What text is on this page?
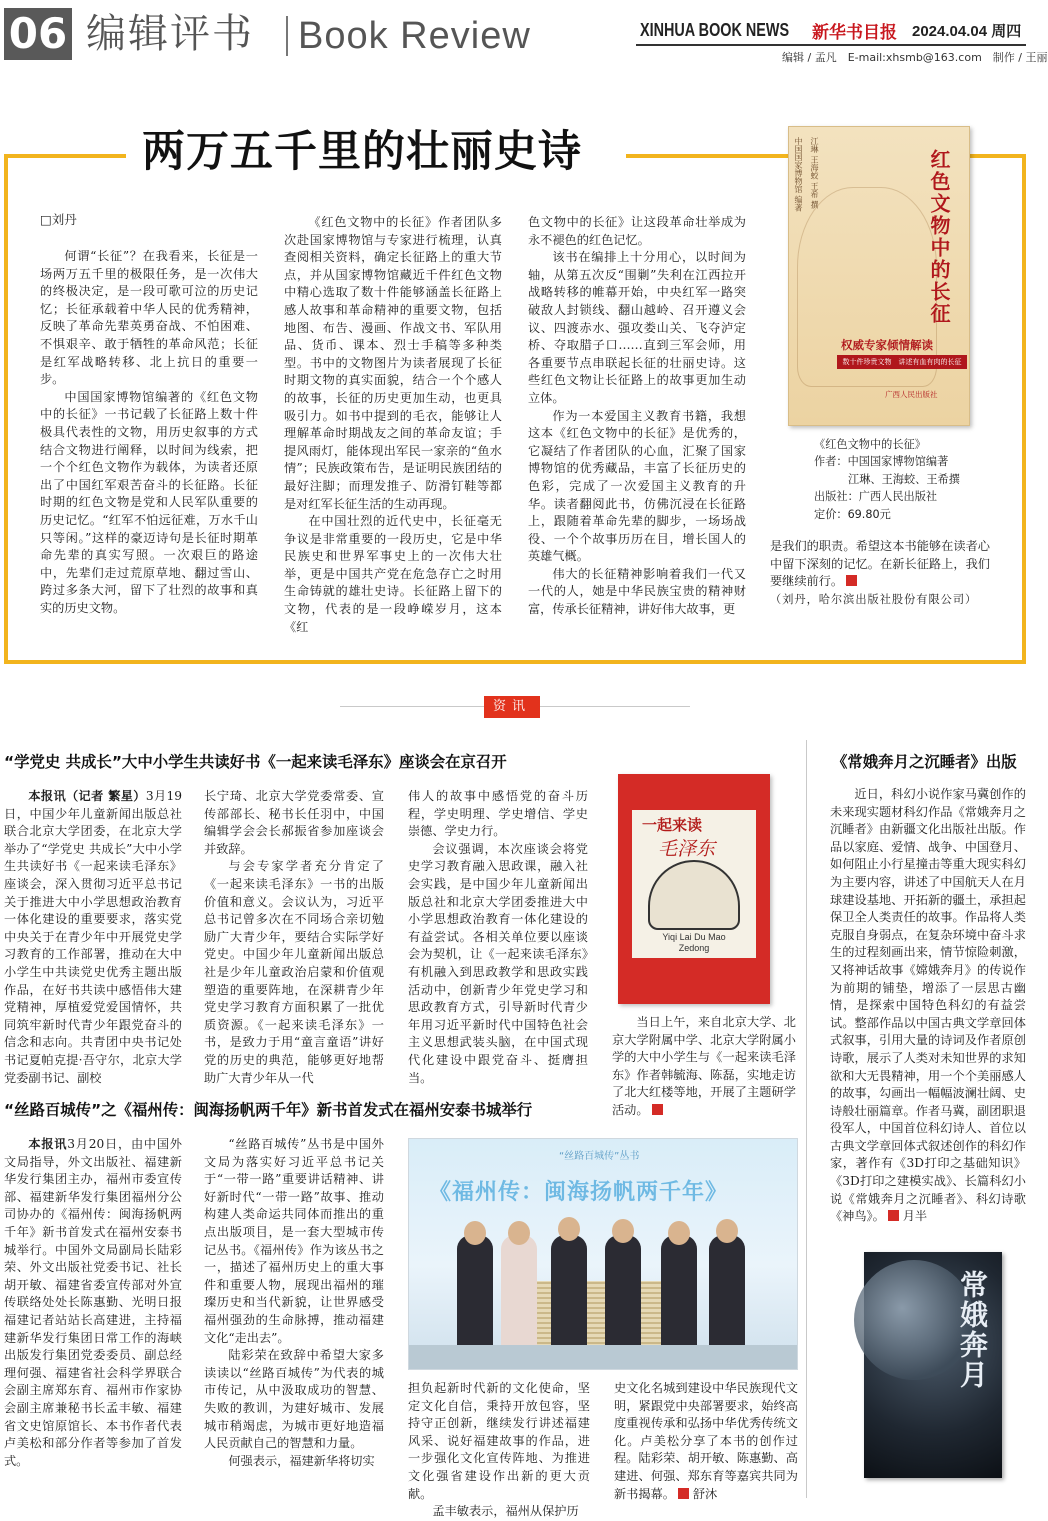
06 编辑评书 Book Review	XINHUA BOOK NEWS 新华书目报 2024.04.04 周四
编辑 / 孟凡　E-mail:xhsmb@163.com　制作 / 王丽
两万五千里的壮丽史诗
□刘丹

何谓“长征”？在我看来，长征是一场两万五千里的极限任务，是一次伟大的终极决定，是一段可歌可泣的历史记忆；长征承载着中华人民的优秀精神，反映了革命先辈英勇奋战、不怕困难、不惧艰辛、敢于牺牲的革命风范；长征是红军战略转移、北上抗日的重要一步。

中国国家博物馆编著的《红色文物中的长征》一书记载了长征路上数十件极具代表性的文物，用历史叙事的方式结合文物进行阐释，以时间为线索，把一个个红色文物作为载体，为读者还原出了中国红军艰苦奋斗的长征路。长征时期的红色文物是党和人民军队重要的历史记忆。“红军不怕远征难，万水千山只等闲。”这样的豪迈诗句是长征时期革命先辈的真实写照。一次艰巨的路途中，先辈们走过荒原草地、翻过雪山、跨过多条大河，留下了壮烈的故事和真实的历史文物。

《红色文物中的长征》作者团队多次赴国家博物馆与专家进行梳理，认真查阅相关资料，确定长征路上的重大节点，并从国家博物馆藏近千件红色文物中精心选取了数十件能够涵盖长征路上感人故事和革命精神的重要文物，包括地图、布告、漫画、作战文书、军队用品、货币、课本、烈士手稿等多种类型。书中的文物图片为读者展现了长征时期文物的真实面貌，结合一个个感人的故事，长征的历史更加生动，也更具吸引力。如书中提到的毛衣，能够让人理解革命时期战友之间的革命友谊；手提风雨灯，能体现出军民一家亲的“鱼水情”；民族政策布告，是证明民族团结的最好注脚；而理发推子、防滑钉鞋等都是对红军长征生活的生动再现。

在中国壮烈的近代史中，长征毫无争议是非常重要的一段历史，它是中华民族史和世界军事史上的一次伟大壮举，更是中国共产党在危急存亡之时用生命铸就的雄壮史诗。长征路上留下的文物，代表的是一段峥嵘岁月，这本《红

色文物中的长征》让这段革命壮举成为永不褪色的红色记忆。

该书在编排上十分用心，以时间为轴，从第五次反“围剿”失利在江西拉开战略转移的帷幕开始，中央红军一路突破敌人封锁线、翻山越岭、召开遵义会议、四渡赤水、强攻娄山关、飞夺泸定桥、夺取腊子口……直到三军会师，用各重要节点串联起长征的壮丽史诗。这些红色文物让长征路上的故事更加生动立体。

作为一本爱国主义教育书籍，我想这本《红色文物中的长征》是优秀的，它凝结了作者团队的心血，汇聚了国家博物馆的优秀藏品，丰富了长征历史的色彩，完成了一次爱国主义教育的升华。读者翻阅此书，仿佛沉浸在长征路上，跟随着革命先辈的脚步，一场场战役、一个个故事历历在目，增长国人的英雄气概。

伟大的长征精神影响着我们一代又一代的人，她是中华民族宝贵的精神财富，传承长征精神，讲好伟大故事，更

是我们的职责。希望这本书能够在读者心中留下深刻的记忆。在新长征路上，我们要继续前行。

（刘丹，哈尔滨出版社股份有限公司）

红色文物中的长征
中国国家博物馆 编著 江琳 王海蛟 王希 撰
权威专家倾情解读
数十件珍贵文物　讲述有血有肉的长征
广西人民出版社
《红色文物中的长征》
作者：中国国家博物馆编著
江琳、王海蛟、王希撰
出版社：广西人民出版社
定价：69.80元
资讯
“学党史 共成长”大中小学生共读好书《一起来读毛泽东》座谈会在京召开

本报讯（记者 繁星）3月19日，中国少年儿童新闻出版总社联合北京大学团委，在北京大学举办了“学党史 共成长”大中小学生共读好书《一起来读毛泽东》座谈会，深入贯彻习近平总书记关于推进大中小学思想政治教育一体化建设的重要要求，落实党中央关于在青少年中开展党史学习教育的工作部署，推动在大中小学生中共读党史优秀主题出版作品，在好书共读中感悟伟大建党精神，厚植爱党爱国情怀，共同筑牢新时代青少年跟党奋斗的信念和志向。共青团中央书记处书记夏帕克提·吾守尔，北京大学党委副书记、副校

长宁琦、北京大学党委常委、宣传部部长、秘书长任羽中，中国编辑学会会长郝振省参加座谈会并致辞。

与会专家学者充分肯定了《一起来读毛泽东》一书的出版价值和意义。会议认为，习近平总书记曾多次在不同场合亲切勉励广大青少年，要结合实际学好党史。中国少年儿童新闻出版总社是少年儿童政治启蒙和价值观塑造的重要阵地，在深耕青少年党史学习教育方面积累了一批优质资源。《一起来读毛泽东》一书，是致力于用“童言童语”讲好党的历史的典范，能够更好地帮助广大青少年从一代

伟人的故事中感悟党的奋斗历程，学史明理、学史增信、学史崇德、学史力行。

会议强调，本次座谈会将党史学习教育融入思政课，融入社会实践，是中国少年儿童新闻出版总社和北京大学团委推进大中小学思想政治教育一体化建设的有益尝试。各相关单位要以座谈会为契机，让《一起来读毛泽东》有机融入到思政教学和思政实践活动中，创新青少年党史学习和思政教育方式，引导新时代青少年用习近平新时代中国特色社会主义思想武装头脑，在中国式现代化建设中跟党奋斗、挺膺担当。

一起来读
毛泽东
Yiqi Lai Du Mao Zedong

当日上午，来自北京大学、北京大学附属中学、北京大学附属小学的大中小学生与《一起来读毛泽东》作者韩毓海、陈磊，实地走访了北大红楼等地，开展了主题研学活动。

“丝路百城传”之《福州传：闽海扬帆两千年》新书首发式在福州安泰书城举行

本报讯3月20日，由中国外文局指导，外文出版社、福建新华发行集团主办，福州市委宣传部、福建新华发行集团福州分公司协办的《福州传：闽海扬帆两千年》新书首发式在福州安泰书城举行。中国外文局副局长陆彩荣、外文出版社党委书记、社长胡开敏、福建省委宣传部对外宣传联络处处长陈惠勤、光明日报福建记者站站长高建进，主持福建新华发行集团日常工作的海峡出版发行集团党委委员、副总经理何强、福建省社会科学界联合会副主席郑东育、福州市作家协会副主席兼秘书长孟丰敏、福建省文史馆原馆长、本书作者代表卢美松和部分作者等参加了首发式。

“丝路百城传”丛书是中国外文局为落实好习近平总书记关于“一带一路”重要讲话精神、讲好新时代“一带一路”故事、推动构建人类命运共同体而推出的重点出版项目，是一套大型城市传记丛书。《福州传》作为该丛书之一，描述了福州历史上的重大事件和重要人物，展现出福州的璀璨历史和当代新貌，让世界感受福州强劲的生命脉搏，推动福建文化“走出去”。

陆彩荣在致辞中希望大家多读读以“丝路百城传”为代表的城市传记，从中汲取成功的智慧、失败的教训，为建好城市、发展城市稍竭虑，为城市更好地造福人民贡献自己的智慧和力量。

何强表示，福建新华将切实

“丝路百城传”丛书
《福州传：闽海扬帆两千年》

担负起新时代新的文化使命，坚定文化自信，秉持开放包容，坚持守正创新，继续发行讲述福建风采、说好福建故事的作品，进一步强化文化宣传阵地、为推进文化强省建设作出新的更大贡献。

孟丰敏表示，福州从保护历

史文化名城到建设中华民族现代文明，紧跟党中央部署要求，始终高度重视传承和弘扬中华优秀传统文化。卢美松分享了本书的创作过程。陆彩荣、胡开敏、陈惠勤、高建进、何强、郑东育等嘉宾共同为新书揭幕。 舒沐

《常娥奔月之沉睡者》出版

近日，科幻小说作家马冀创作的未来现实题材科幻作品《常娥奔月之沉睡者》由新疆文化出版社出版。作品以家庭、爱情、战争、中国登月、如何阻止小行星撞击等重大现实科幻为主要内容，讲述了中国航天人在月球建设基地、开拓新的疆土，承担起保卫全人类责任的故事。作品将人类克服自身弱点，在复杂环境中奋斗求生的过程刻画出来，情节惊险刺激，又将神话故事《嫦娥奔月》的传说作为前期的铺垫，增添了一层思古幽情，是探索中国特色科幻的有益尝试。整部作品以中国古典文学章回体式叙事，引用大量的诗词及作者原创诗歌，展示了人类对未知世界的求知欲和大无畏精神，用一个个美丽感人的故事，勾画出一幅幅波澜壮阔、史诗般壮丽篇章。作者马冀，副团职退役军人，中国首位科幻诗人、首位以古典文学章回体式叙述创作的科幻作家，著作有《3D打印之基础知识》《3D打印之建模实战》、长篇科幻小说《常娥奔月之沉睡者》、科幻诗歌《神鸟》。 月半

常娥奔月
